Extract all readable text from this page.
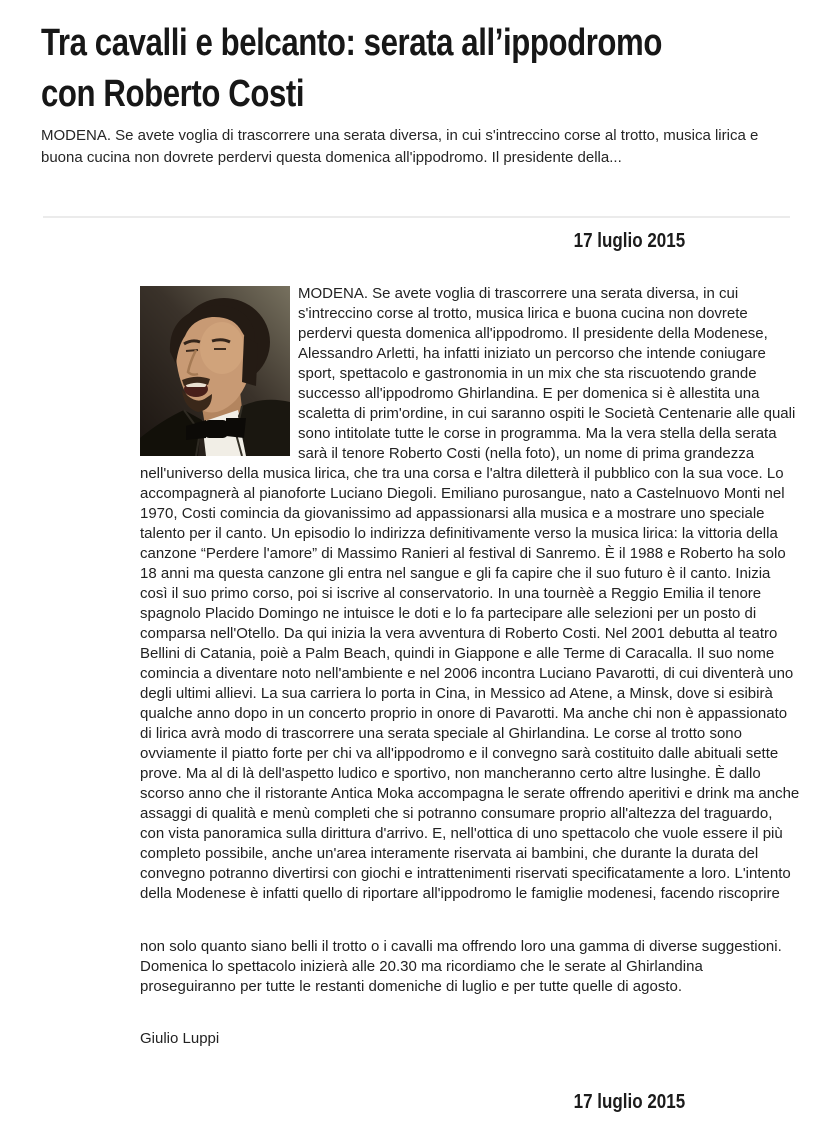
Tra cavalli e belcanto: serata all’ippodromo
con Roberto Costi

MODENA. Se avete voglia di trascorrere una serata diversa, in cui s'intreccino corse al trotto, musica lirica e buona cucina non dovrete perdervi questa domenica all'ippodromo. Il presidente della...

17 luglio 2015

MODENA. Se avete voglia di trascorrere una serata diversa, in cui s'intreccino corse al trotto, musica lirica e buona cucina non dovrete perdervi questa domenica all'ippodromo. Il presidente della Modenese, Alessandro Arletti, ha infatti iniziato un percorso che intende coniugare sport, spettacolo e gastronomia in un mix che sta riscuotendo grande successo all'ippodromo Ghirlandina. E per domenica si è allestita una scaletta di prim'ordine, in cui saranno ospiti le Società Centenarie alle quali sono intitolate tutte le corse in programma. Ma la vera stella della serata sarà il tenore Roberto Costi (nella foto), un nome di prima grandezza nell'universo della musica lirica, che tra una corsa e l'altra diletterà il pubblico con la sua voce. Lo accompagnerà al pianoforte Luciano Diegoli. Emiliano purosangue, nato a Castelnuovo Monti nel 1970, Costi comincia da giovanissimo ad appassionarsi alla musica e a mostrare uno speciale talento per il canto. Un episodio lo indirizza definitivamente verso la musica lirica: la vittoria della canzone “Perdere l'amore” di Massimo Ranieri al festival di Sanremo. È il 1988 e Roberto ha solo 18 anni ma questa canzone gli entra nel sangue e gli fa capire che il suo futuro è il canto. Inizia così il suo primo corso, poi si iscrive al conservatorio. In una tournèè a Reggio Emilia il tenore spagnolo Placido Domingo ne intuisce le doti e lo fa partecipare alle selezioni per un posto di comparsa nell'Otello. Da qui inizia la vera avventura di Roberto Costi. Nel 2001 debutta al teatro Bellini di Catania, poiè a Palm Beach, quindi in Giappone e alle Terme di Caracalla. Il suo nome comincia a diventare noto nell'ambiente e nel 2006 incontra Luciano Pavarotti, di cui diventerà uno degli ultimi allievi. La sua carriera lo porta in Cina, in Messico ad Atene, a Minsk, dove si esibirà qualche anno dopo in un concerto proprio in onore di Pavarotti. Ma anche chi non è appassionato di lirica avrà modo di trascorrere una serata speciale al Ghirlandina. Le corse al trotto sono ovviamente il piatto forte per chi va all'ippodromo e il convegno sarà costituito dalle abituali sette prove. Ma al di là dell'aspetto ludico e sportivo, non mancheranno certo altre lusinghe. È dallo scorso anno che il ristorante Antica Moka accompagna le serate offrendo aperitivi e drink ma anche assaggi di qualità e menù completi che si potranno consumare proprio all'altezza del traguardo, con vista panoramica sulla dirittura d'arrivo. E, nell'ottica di uno spettacolo che vuole essere il più completo possibile, anche un'area interamente riservata ai bambini, che durante la durata del convegno potranno divertirsi con giochi e intrattenimenti riservati specificatamente a loro. L'intento della Modenese è infatti quello di riportare all'ippodromo le famiglie modenesi, facendo riscoprire

non solo quanto siano belli il trotto o i cavalli ma offrendo loro una gamma di diverse suggestioni. Domenica lo spettacolo inizierà alle 20.30 ma ricordiamo che le serate al Ghirlandina proseguiranno per tutte le restanti domeniche di luglio e per tutte quelle di agosto.

Giulio Luppi

17 luglio 2015
